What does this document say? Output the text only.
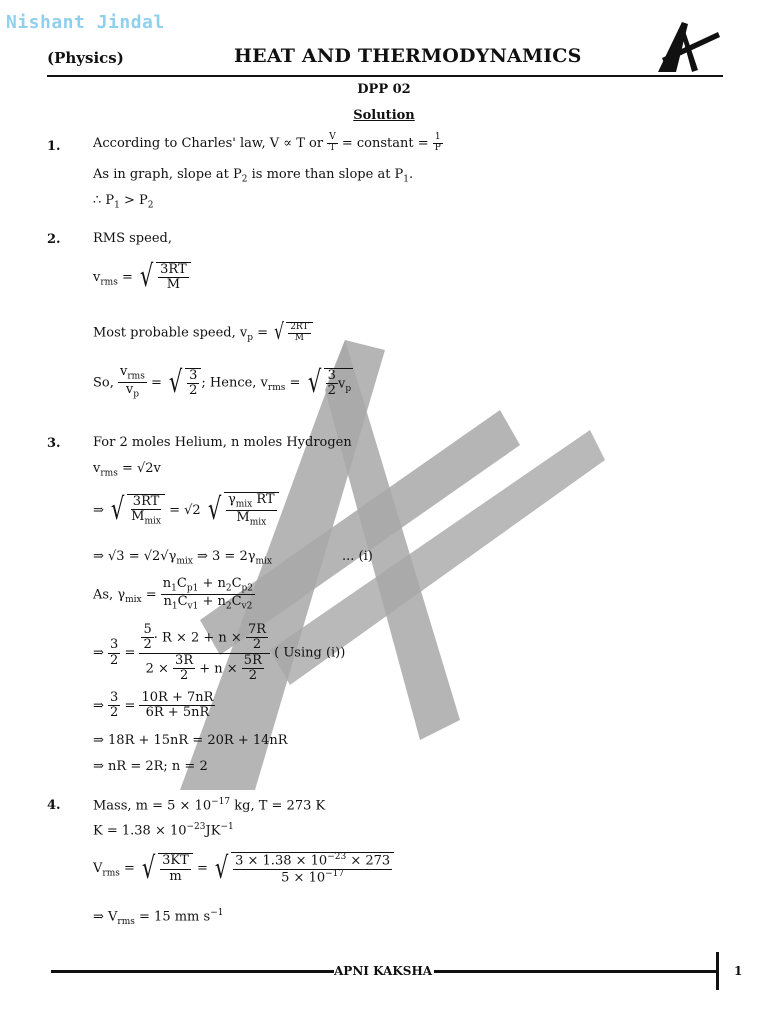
Nishant Jindal
(Physics)	HEAT AND THERMODYNAMICS
DPP 02
Solution
1. According to Charles' law, V ∝ T or $\frac{V}{T}$ = constant = $\frac{1}{P}$
As in graph, slope at $P_2$ is more than slope at $P_1$.
∴ $P_1 > P_2$
2. RMS speed,
$v_{rms}$ = √ $\frac{3RT}{M}$
Most probable speed, $v_p$ = √ $\frac{2RT}{M}$
So,
$v_{rms}$
$v_p$
= √ $\frac{3}{2}$ ; Hence, $v_{rms}$ = √ $\frac{3}{2} v_p$
3. For 2 moles Helium, n moles Hydrogen
$v_{rms} = √2v$
⇒ √ 3RT
$M_{mix}$
= √2 √ $\gamma_{mix}$ RT
$M_{mix}$
⇒ $√3 = √2√\gamma_{mix}$ ⇒ $3 = 2\gamma_{mix}$	... (i)
As, $\gamma_{mix} = \frac{n_1C_{p1} + n_2C_{p2}}{n_1C_{v1} + n_2C_{v2}}$
⇒ $\frac{3}{2} = \frac{\frac{5}{2} \cdot R \times 2 + n \times \frac{7R}{2}}{2 \times \frac{3R}{2} + n \times \frac{5R}{2}}$ ( Using (i))
⇒ $\frac{3}{2} = \frac{10R + 7nR}{6R + 5nR}$
⇒ 18R + 15nR = 20R + 14nR
⇒ nR = 2R; n = 2
4. Mass, $m = 5 \times 10^{-17}$ kg, T = 273 K
$K = 1.38 \times 10^{-23}JK^{-1}$
$V_{rms}$ = √ $\frac{3KT}{m}$ = √ $\frac{3 \times 1.38 \times 10^{-23} \times 273}{5 \times 10^{-17}}$
⇒ $V_{rms} = 15$ mm $s^{-1}$
APNI KAKSHA	1
